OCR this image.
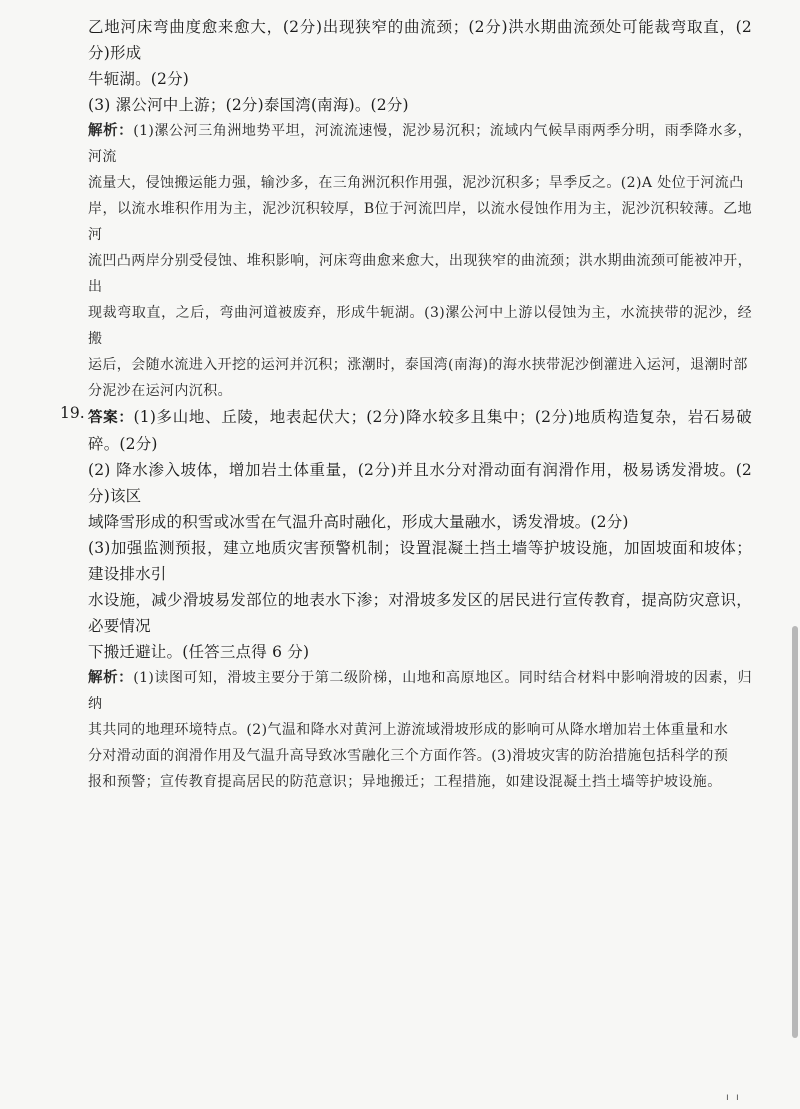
乙地河床弯曲度愈来愈大，(2分)出现狭窄的曲流颈；(2分)洪水期曲流颈处可能裁弯取直，(2分)形成

牛轭湖。(2分)

(3) 漯公河中上游；(2分)泰国湾(南海)。(2分)

解析：(1)漯公河三角洲地势平坦，河流流速慢，泥沙易沉积；流域内气候旱雨两季分明，雨季降水多，河流

流量大，侵蚀搬运能力强，输沙多，在三角洲沉积作用强，泥沙沉积多；旱季反之。(2)A 处位于河流凸

岸，以流水堆积作用为主，泥沙沉积较厚，B位于河流凹岸，以流水侵蚀作用为主，泥沙沉积较薄。乙地河

流凹凸两岸分别受侵蚀、堆积影响，河床弯曲愈来愈大，出现狭窄的曲流颈；洪水期曲流颈可能被冲开，出

现裁弯取直，之后，弯曲河道被废弃，形成牛轭湖。(3)漯公河中上游以侵蚀为主，水流挟带的泥沙，经搬

运后，会随水流进入开挖的运河并沉积；涨潮时，泰国湾(南海)的海水挟带泥沙倒灌进入运河，退潮时部

分泥沙在运河内沉积。

19. 答案：(1)多山地、丘陵，地表起伏大；(2分)降水较多且集中；(2分)地质构造复杂，岩石易破碎。(2分)

(2) 降水渗入坡体，增加岩土体重量，(2分)并且水分对滑动面有润滑作用，极易诱发滑坡。(2分)该区

域降雪形成的积雪或冰雪在气温升高时融化，形成大量融水，诱发滑坡。(2分)

(3)加强监测预报，建立地质灾害预警机制；设置混凝土挡土墙等护坡设施，加固坡面和坡体；建设排水引

水设施，减少滑坡易发部位的地表水下渗；对滑坡多发区的居民进行宣传教育，提高防灾意识，必要情况

下搬迁避让。(任答三点得 6 分)

解析：(1)读图可知，滑坡主要分于第二级阶梯，山地和高原地区。同时结合材料中影响滑坡的因素，归纳

其共同的地理环境特点。(2)气温和降水对黄河上游流域滑坡形成的影响可从降水增加岩土体重量和水

分对滑动面的润滑作用及气温升高导致冰雪融化三个方面作答。(3)滑坡灾害的防治措施包括科学的预

报和预警；宣传教育提高居民的防范意识；异地搬迁；工程措施，如建设混凝土挡土墙等护坡设施。

ı ı
